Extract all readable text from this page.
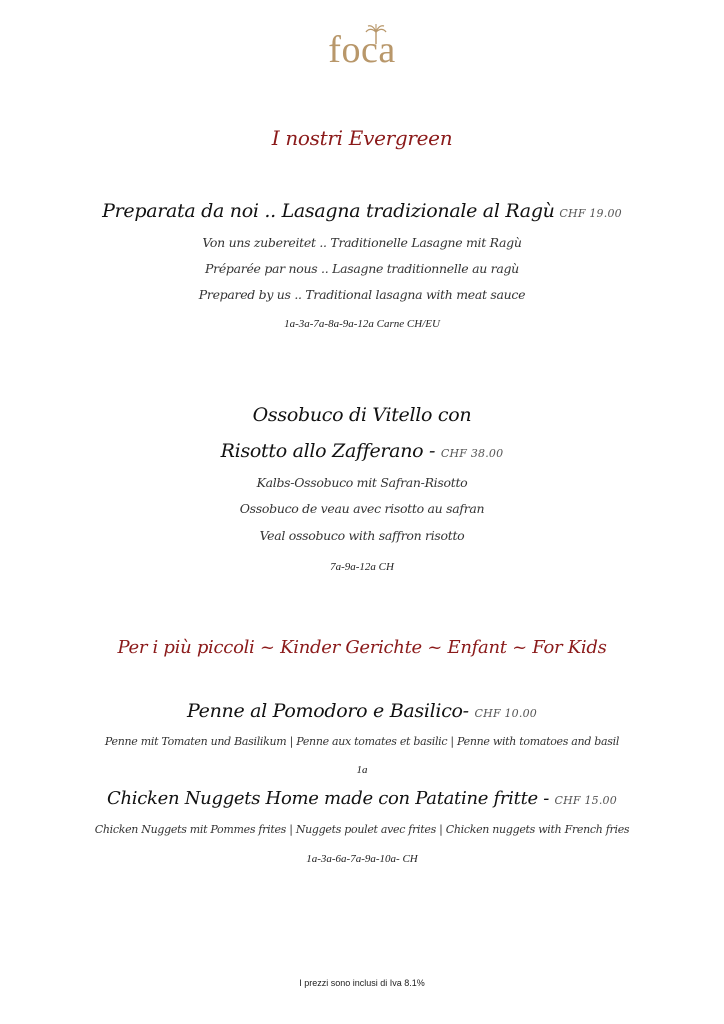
foca
I nostri Evergreen
Preparata da noi .. Lasagna tradizionale al Ragù CHF 19.00
Von uns zubereitet .. Traditionelle Lasagne mit Ragù
Préparée par nous .. Lasagne traditionnelle au ragù
Prepared by us .. Traditional lasagna with meat sauce
1a-3a-7a-8a-9a-12a Carne CH/EU
Ossobuco di Vitello con
Risotto allo Zafferano - CHF 38.00
Kalbs-Ossobuco mit Safran-Risotto
Ossobuco de veau avec risotto au safran
Veal ossobuco with saffron risotto
7a-9a-12a CH
Per i più piccoli ~ Kinder Gerichte ~ Enfant ~ For Kids
Penne al Pomodoro e Basilico- CHF 10.00
Penne mit Tomaten und Basilikum | Penne aux tomates et basilic | Penne with tomatoes and basil
1a
Chicken Nuggets Home made con Patatine fritte - CHF 15.00
Chicken Nuggets mit Pommes frites | Nuggets poulet avec frites | Chicken nuggets with French fries
1a-3a-6a-7a-9a-10a- CH
I prezzi sono inclusi di Iva 8.1%
